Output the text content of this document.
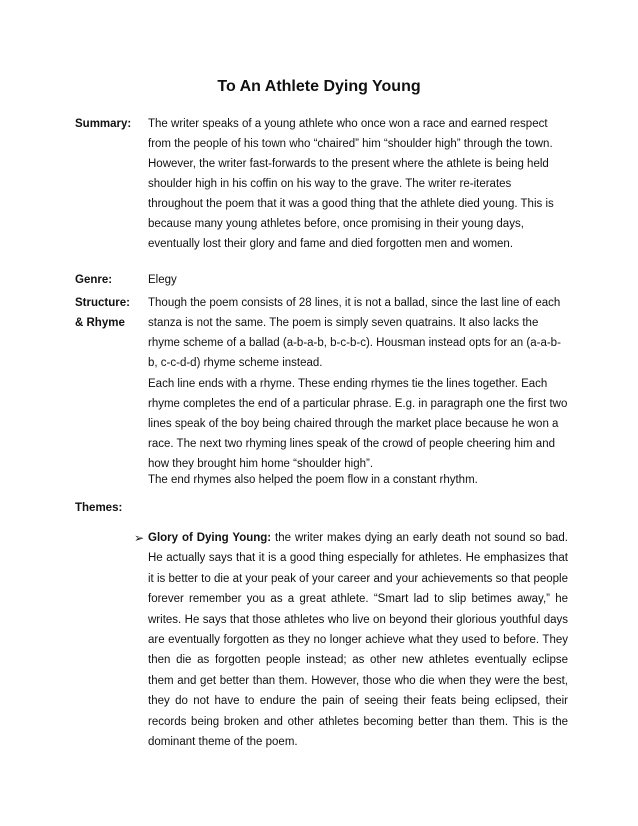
To An Athlete Dying Young
Summary: The writer speaks of a young athlete who once won a race and earned respect from the people of his town who “chaired” him “shoulder high” through the town. However, the writer fast-forwards to the present where the athlete is being held shoulder high in his coffin on his way to the grave. The writer re-iterates throughout the poem that it was a good thing that the athlete died young. This is because many young athletes before, once promising in their young days, eventually lost their glory and fame and died forgotten men and women.
Genre:	Elegy
Structure:
& Rhyme
Though the poem consists of 28 lines, it is not a ballad, since the last line of each stanza is not the same. The poem is simply seven quatrains. It also lacks the rhyme scheme of a ballad (a-b-a-b, b-c-b-c). Housman instead opts for an (a-a-b-b, c-c-d-d) rhyme scheme instead.
Each line ends with a rhyme. These ending rhymes tie the lines together. Each rhyme completes the end of a particular phrase. E.g. in paragraph one the first two lines speak of the boy being chaired through the market place because he won a race. The next two rhyming lines speak of the crowd of people cheering him and how they brought him home “shoulder high”.
The end rhymes also helped the poem flow in a constant rhythm.
Themes:
➢ Glory of Dying Young: the writer makes dying an early death not sound so bad. He actually says that it is a good thing especially for athletes. He emphasizes that it is better to die at your peak of your career and your achievements so that people forever remember you as a great athlete. “Smart lad to slip betimes away,” he writes. He says that those athletes who live on beyond their glorious youthful days are eventually forgotten as they no longer achieve what they used to before. They then die as forgotten people instead; as other new athletes eventually eclipse them and get better than them. However, those who die when they were the best, they do not have to endure the pain of seeing their feats being eclipsed, their records being broken and other athletes becoming better than them. This is the dominant theme of the poem.
